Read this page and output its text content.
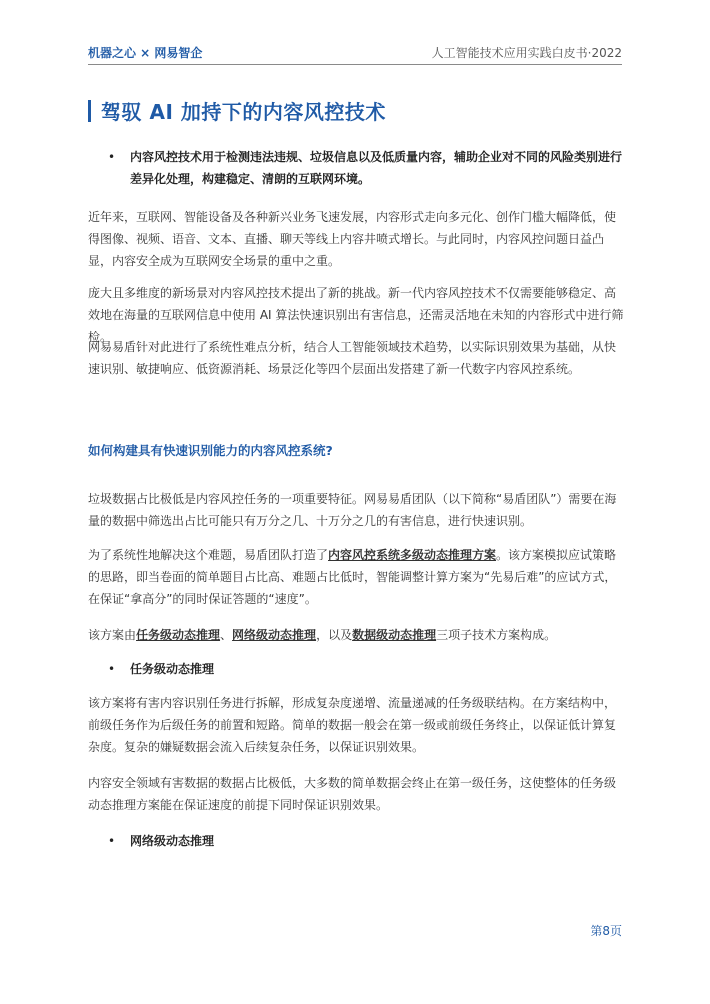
机器之心 × 网易智企	人工智能技术应用实践白皮书·2022
驾驭 AI 加持下的内容风控技术
•	内容风控技术用于检测违法违规、垃圾信息以及低质量内容，辅助企业对不同的风险类别进行差异化处理，构建稳定、清朗的互联网环境。

近年来，互联网、智能设备及各种新兴业务飞速发展，内容形式走向多元化、创作门槛大幅降低，使得图像、视频、语音、文本、直播、聊天等线上内容井喷式增长。与此同时，内容风控问题日益凸显，内容安全成为互联网安全场景的重中之重。

庞大且多维度的新场景对内容风控技术提出了新的挑战。新一代内容风控技术不仅需要能够稳定、高效地在海量的互联网信息中使用 AI 算法快速识别出有害信息，还需灵活地在未知的内容形式中进行筛检。

网易易盾针对此进行了系统性难点分析，结合人工智能领域技术趋势，以实际识别效果为基础，从快速识别、敏捷响应、低资源消耗、场景泛化等四个层面出发搭建了新一代数字内容风控系统。

如何构建具有快速识别能力的内容风控系统?

垃圾数据占比极低是内容风控任务的一项重要特征。网易易盾团队（以下简称“易盾团队”）需要在海量的数据中筛选出占比可能只有万分之几、十万分之几的有害信息，进行快速识别。

为了系统性地解决这个难题，易盾团队打造了内容风控系统多级动态推理方案。该方案模拟应试策略的思路，即当卷面的简单题目占比高、难题占比低时，智能调整计算方案为“先易后难”的应试方式，在保证“拿高分”的同时保证答题的“速度”。

该方案由任务级动态推理、网络级动态推理，以及数据级动态推理三项子技术方案构成。

•	任务级动态推理

该方案将有害内容识别任务进行拆解，形成复杂度递增、流量递减的任务级联结构。在方案结构中，前级任务作为后级任务的前置和短路。简单的数据一般会在第一级或前级任务终止，以保证低计算复杂度。复杂的嫌疑数据会流入后续复杂任务，以保证识别效果。

内容安全领域有害数据的数据占比极低，大多数的简单数据会终止在第一级任务，这使整体的任务级动态推理方案能在保证速度的前提下同时保证识别效果。

•	网络级动态推理
第8页
